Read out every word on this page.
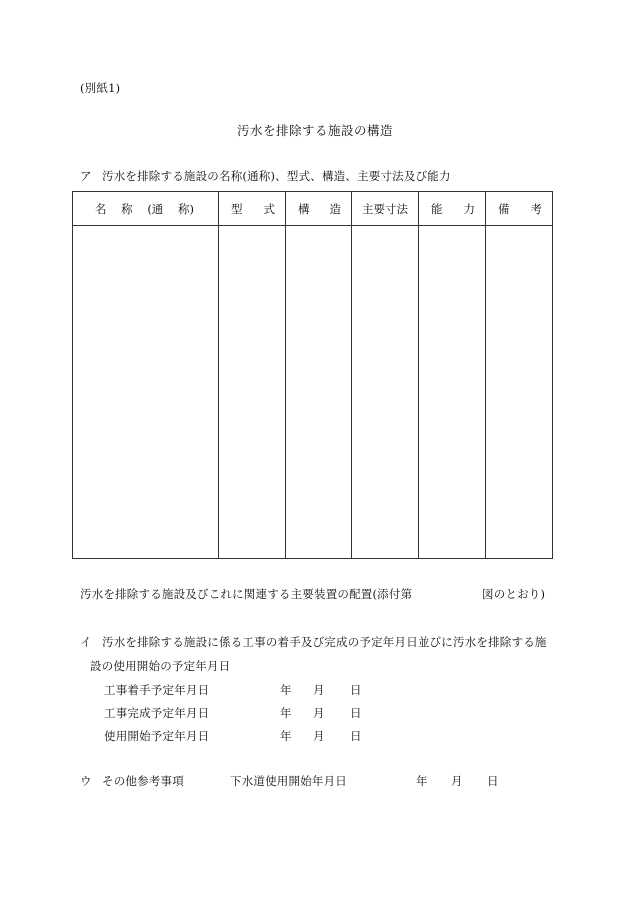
(別紙1)
汚水を排除する施設の構造
ア 汚水を排除する施設の名称(通称)、型式、構造、主要寸法及び能力
名 称 (通 称)	型 式	構 造	主要寸法	能 力	備 考

汚水を排除する施設及びこれに関連する主要装置の配置(添付第	図のとおり)
イ 汚水を排除する施設に係る工事の着手及び完成の予定年月日並びに汚水を排除する施
設の使用開始の予定年月日
工事着手予定年月日	年 月 日
工事完成予定年月日	年 月 日
使用開始予定年月日	年 月 日
ウ その他参考事項	下水道使用開始年月日	年 月 日
